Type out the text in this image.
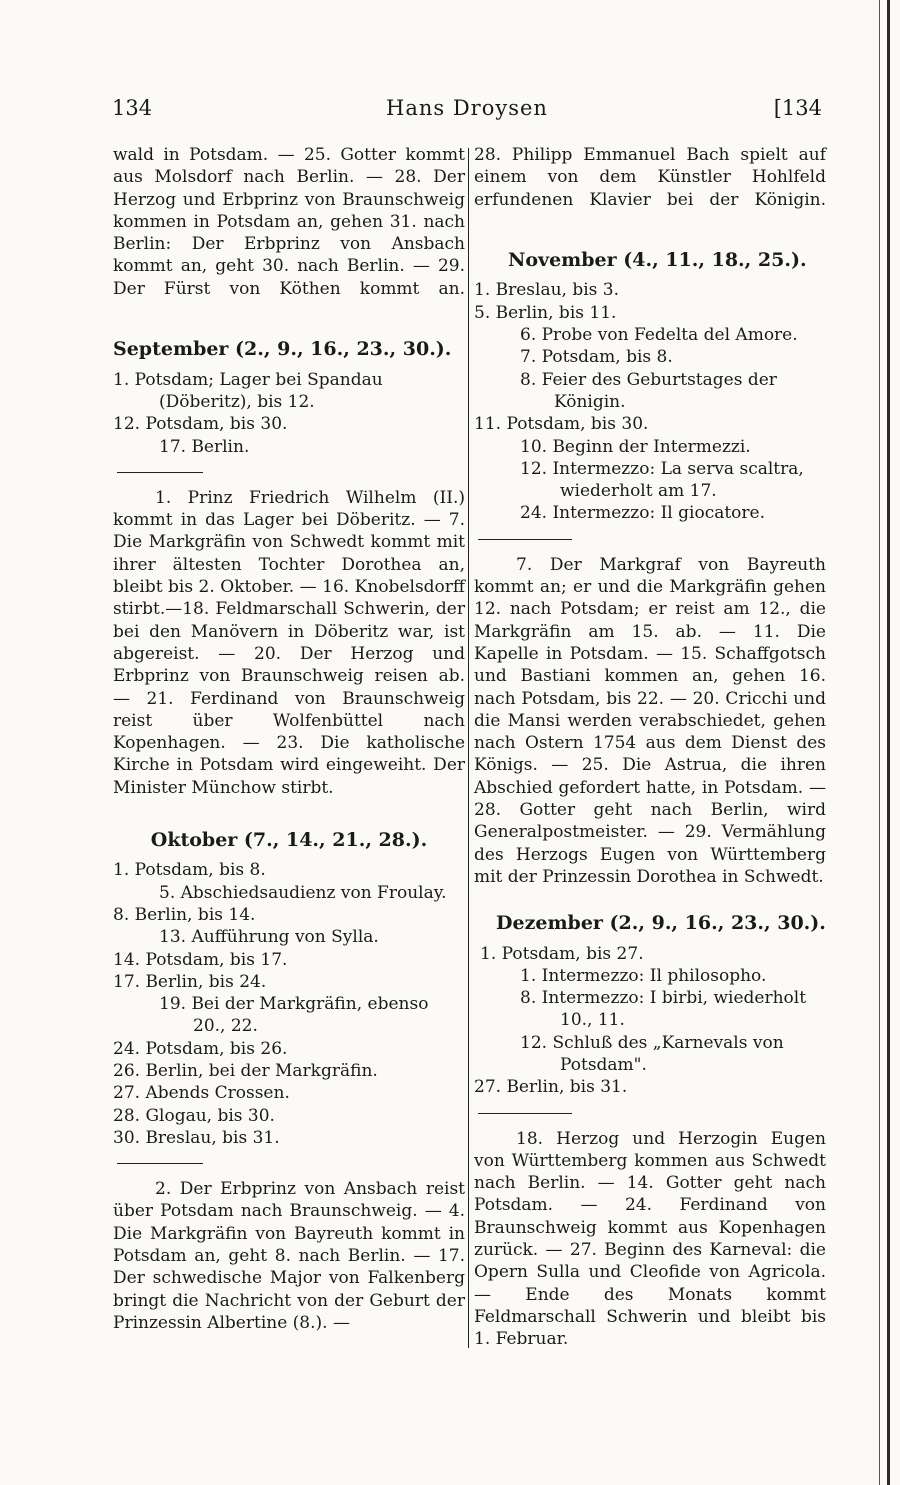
134	Hans Droysen	[134

wald in Potsdam. — 25. Gotter kommt aus Molsdorf nach Berlin. — 28. Der Herzog und Erbprinz von Braunschweig kommen in Potsdam an, gehen 31. nach Berlin: Der Erbprinz von Ansbach kommt an, geht 30. nach Berlin. — 29. Der Fürst von Köthen kommt an.

September (2., 9., 16., 23., 30.).

1. Potsdam; Lager bei Spandau (Döberitz), bis 12.

12. Potsdam, bis 30.

17. Berlin.

1. Prinz Friedrich Wilhelm (II.) kommt in das Lager bei Döberitz. — 7. Die Markgräfin von Schwedt kommt mit ihrer ältesten Tochter Dorothea an, bleibt bis 2. Oktober. — 16. Knobelsdorff stirbt.—18. Feldmarschall Schwerin, der bei den Manövern in Döberitz war, ist abgereist. — 20. Der Herzog und Erbprinz von Braunschweig reisen ab. — 21. Ferdinand von Braunschweig reist über Wolfenbüttel nach Kopenhagen. — 23. Die katholische Kirche in Potsdam wird eingeweiht. Der Minister Münchow stirbt.

Oktober (7., 14., 21., 28.).

1. Potsdam, bis 8.

5. Abschiedsaudienz von Froulay.

8. Berlin, bis 14.

13. Aufführung von Sylla.

14. Potsdam, bis 17.

17. Berlin, bis 24.

19. Bei der Markgräfin, ebenso 20., 22.

24. Potsdam, bis 26.

26. Berlin, bei der Markgräfin.

27. Abends Crossen.

28. Glogau, bis 30.

30. Breslau, bis 31.

2. Der Erbprinz von Ansbach reist über Potsdam nach Braunschweig. — 4. Die Markgräfin von Bayreuth kommt in Potsdam an, geht 8. nach Berlin. — 17. Der schwedische Major von Falkenberg bringt die Nachricht von der Geburt der Prinzessin Albertine (8.). —

28. Philipp Emmanuel Bach spielt auf einem von dem Künstler Hohlfeld erfundenen Klavier bei der Königin.

November (4., 11., 18., 25.).

1. Breslau, bis 3.

5. Berlin, bis 11.

6. Probe von Fedelta del Amore.

7. Potsdam, bis 8.

8. Feier des Geburtstages der Königin.

11. Potsdam, bis 30.

10. Beginn der Intermezzi.

12. Intermezzo: La serva scaltra, wiederholt am 17.

24. Intermezzo: Il giocatore.

7. Der Markgraf von Bayreuth kommt an; er und die Markgräfin gehen 12. nach Potsdam; er reist am 12., die Markgräfin am 15. ab. — 11. Die Kapelle in Potsdam. — 15. Schaffgotsch und Bastiani kommen an, gehen 16. nach Potsdam, bis 22. — 20. Cricchi und die Mansi werden verabschiedet, gehen nach Ostern 1754 aus dem Dienst des Königs. — 25. Die Astrua, die ihren Abschied gefordert hatte, in Potsdam. — 28. Gotter geht nach Berlin, wird Generalpostmeister. — 29. Vermählung des Herzogs Eugen von Württemberg mit der Prinzessin Dorothea in Schwedt.

Dezember (2., 9., 16., 23., 30.).

1. Potsdam, bis 27.

1. Intermezzo: Il philosopho.

8. Intermezzo: I birbi, wiederholt 10., 11.

12. Schluß des „Karnevals von Potsdam".

27. Berlin, bis 31.

18. Herzog und Herzogin Eugen von Württemberg kommen aus Schwedt nach Berlin. — 14. Gotter geht nach Potsdam. — 24. Ferdinand von Braunschweig kommt aus Kopenhagen zurück. — 27. Beginn des Karneval: die Opern Sulla und Cleofide von Agricola. — Ende des Monats kommt Feldmarschall Schwerin und bleibt bis 1. Februar.
